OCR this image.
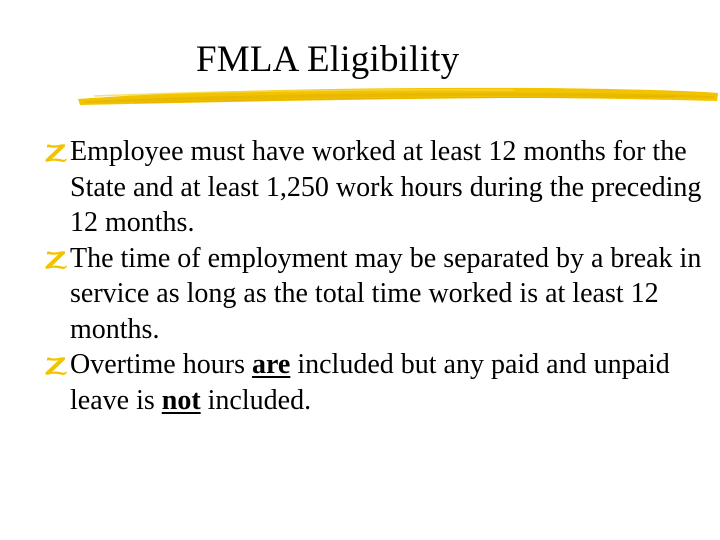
FMLA Eligibility
Employee must have worked at least 12 months for the State and at least 1,250 work hours during the preceding 12 months.
The time of employment may be separated by a break in service as long as the total time worked is at least 12 months.
Overtime hours are included but any paid and unpaid leave is not included.
